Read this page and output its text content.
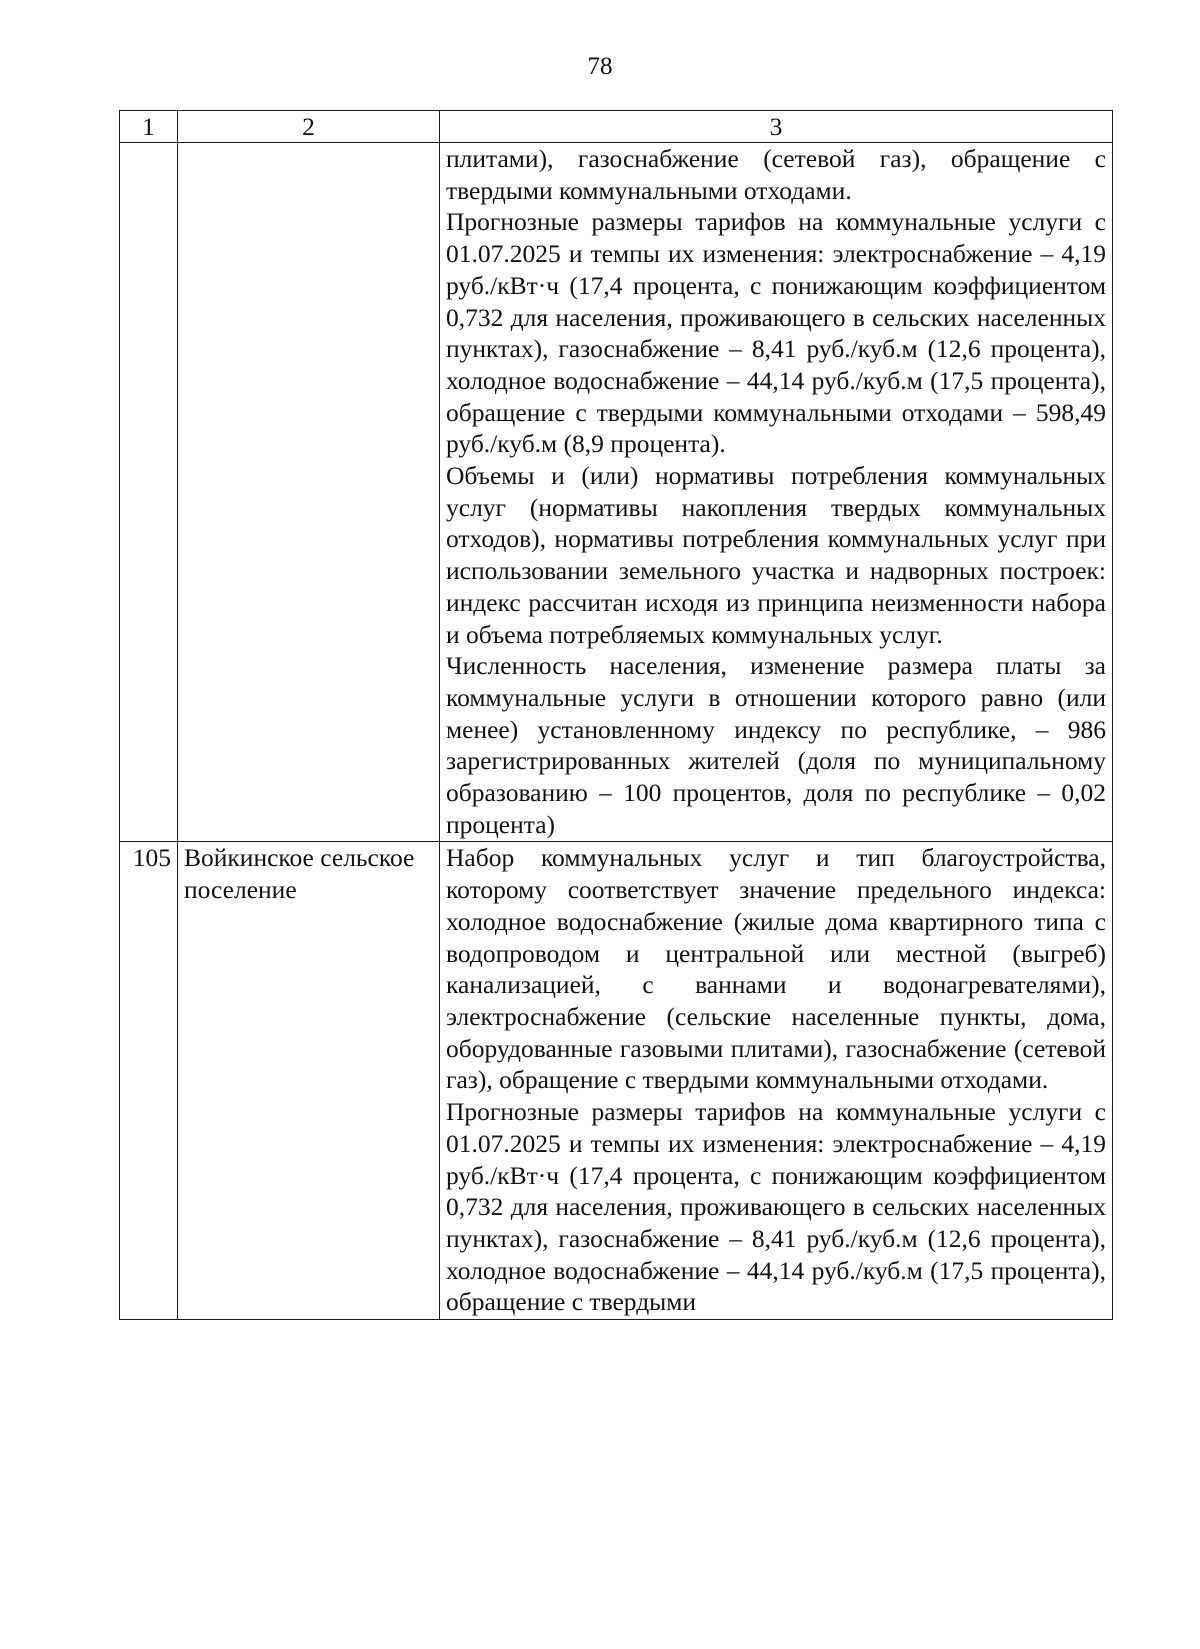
78
1	2	3

		плитами), газоснабжение (сетевой газ), обращение с твердыми коммунальными отходами.

Прогнозные размеры тарифов на коммунальные услуги с 01.07.2025 и темпы их изменения: электроснабжение – 4,19 руб./кВт·ч (17,4 процента, с понижающим коэффициентом 0,732 для населения, проживающего в сельских населенных пунктах), газоснабжение – 8,41 руб./куб.м (12,6 процента), холодное водоснабжение – 44,14 руб./куб.м (17,5 процента), обращение с твердыми коммунальными отходами – 598,49 руб./куб.м (8,9 процента).

Объемы и (или) нормативы потребления коммунальных услуг (нормативы накопления твердых коммунальных отходов), нормативы потребления коммунальных услуг при использовании земельного участка и надворных построек: индекс рассчитан исходя из принципа неизменности набора и объема потребляемых коммунальных услуг.

Численность населения, изменение размера платы за коммунальные услуги в отношении которого равно (или менее) установленному индексу по республике, – 986 зарегистрированных жителей (доля по муниципальному образованию – 100 процентов, доля по республике – 0,02 процента)

105	Войкинское сельское поселение	Набор коммунальных услуг и тип благоустройства, которому соответствует значение предельного индекса: холодное водоснабжение (жилые дома квартирного типа с водопроводом и центральной или местной (выгреб) канализацией, с ваннами и водонагревателями), электроснабжение (сельские населенные пункты, дома, оборудованные газовыми плитами), газоснабжение (сетевой газ), обращение с твердыми коммунальными отходами.

Прогнозные размеры тарифов на коммунальные услуги с 01.07.2025 и темпы их изменения: электроснабжение – 4,19 руб./кВт·ч (17,4 процента, с понижающим коэффициентом 0,732 для населения, проживающего в сельских населенных пунктах), газоснабжение – 8,41 руб./куб.м (12,6 процента), холодное водоснабжение – 44,14 руб./куб.м (17,5 процента), обращение с твердыми
